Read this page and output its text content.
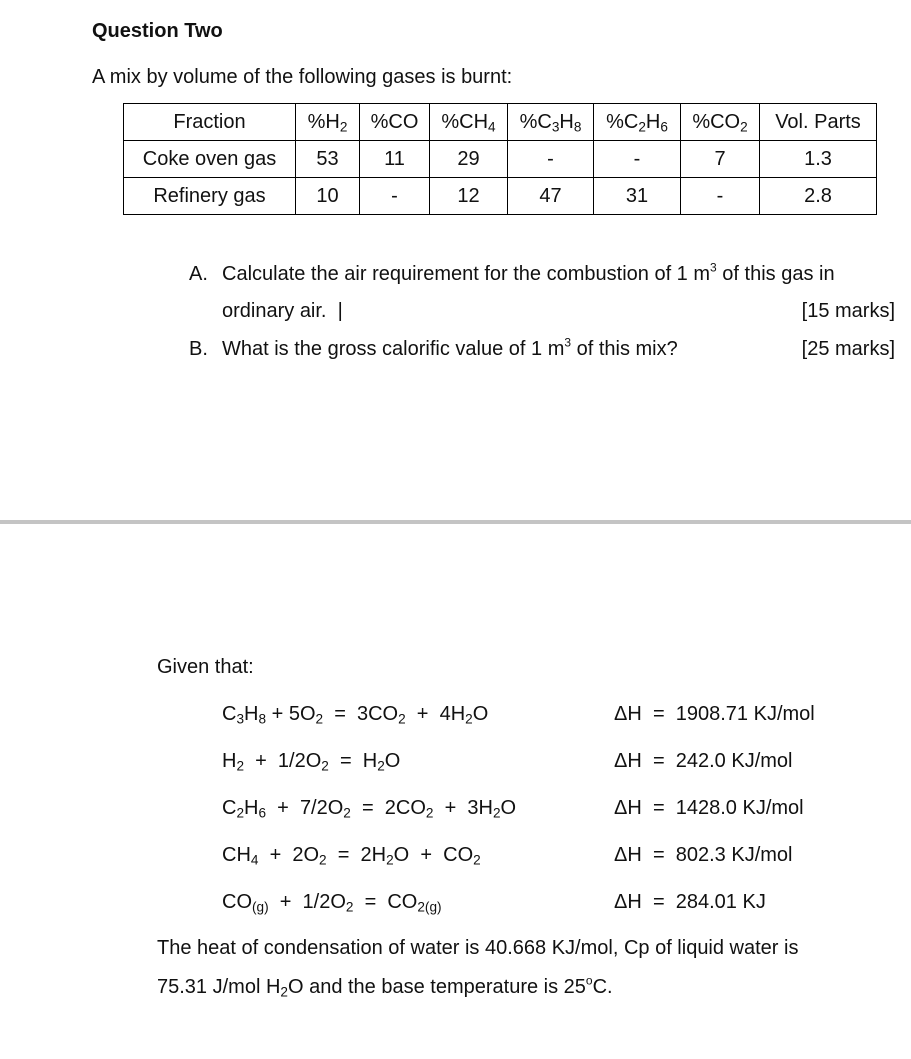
Question Two
A mix by volume of the following gases is burnt:
Fraction	$\%H_2$	%CO	$\%CH_4$	$\%C_3H_8$	$\%C_2H_6$	$\%CO_2$	Vol. Parts
Coke oven gas	53	11	29	-	-	7	1.3
Refinery gas	10	-	12	47	31	-	2.8
A. Calculate the air requirement for the combustion of 1 $m^3$ of this gas in
ordinary air. |	[15 marks]
B. What is the gross calorific value of 1 $m^3$ of this mix?	[25 marks]
Given that:
$C_3H_8 + 5O_2 = 3CO_2 + 4H_2O$	ΔH = 1908.71 KJ/mol
$H_2 + 1/2O_2 = H_2O$	ΔH = 242.0 KJ/mol
$C_2H_6 + 7/2O_2 = 2CO_2 + 3H_2O$	ΔH = 1428.0 KJ/mol
$CH_4 + 2O_2 = 2H_2O + CO_2$	ΔH = 802.3 KJ/mol
$CO_{(g)} + 1/2O_2 = CO_{2(g)}$	ΔH = 284.01 KJ
The heat of condensation of water is 40.668 KJ/mol, Cp of liquid water is
75.31 J/mol $H_2O$ and the base temperature is 25$^o$C.
